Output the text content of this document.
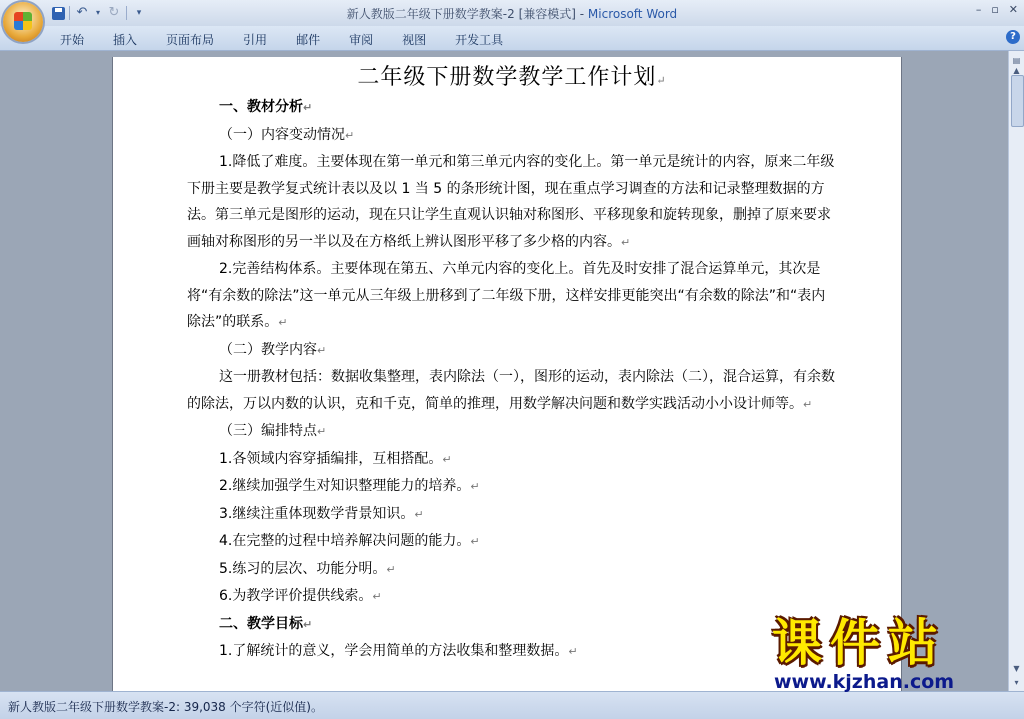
↶	▾ ↻	▾	新人教版二年级下册数学教案-2 [兼容模式] - Microsoft Word	– ▫ ✕
开始	插入	页面布局	引用	邮件	审阅	视图	开发工具	?
二年级下册数学教学工作计划↵

一、教材分析↵

（一）内容变动情况↵

1.降低了难度。主要体现在第一单元和第三单元内容的变化上。第一单元是统计的内容，原来二年级下册主要是教学复式统计表以及以 1 当 5 的条形统计图，现在重点学习调查的方法和记录整理数据的方法。第三单元是图形的运动，现在只让学生直观认识轴对称图形、平移现象和旋转现象，删掉了原来要求画轴对称图形的另一半以及在方格纸上辨认图形平移了多少格的内容。↵

2.完善结构体系。主要体现在第五、六单元内容的变化上。首先及时安排了混合运算单元，其次是将“有余数的除法”这一单元从三年级上册移到了二年级下册，这样安排更能突出“有余数的除法”和“表内除法”的联系。↵

（二）教学内容↵

这一册教材包括：数据收集整理，表内除法（一），图形的运动，表内除法（二），混合运算，有余数的除法，万以内数的认识，克和千克，简单的推理，用数学解决问题和数学实践活动小小设计师等。↵

（三）编排特点↵

1.各领域内容穿插编排，互相搭配。↵

2.继续加强学生对知识整理能力的培养。↵

3.继续注重体现数学背景知识。↵

4.在完整的过程中培养解决问题的能力。↵

5.练习的层次、功能分明。↵

6.为教学评价提供线索。↵

二、教学目标↵

1.了解统计的意义，学会用简单的方法收集和整理数据。↵

▤
▲
▼
▾
新人教版二年级下册数学教案-2: 39,038 个字符(近似值)。
课件站
www.kjzhan.com
